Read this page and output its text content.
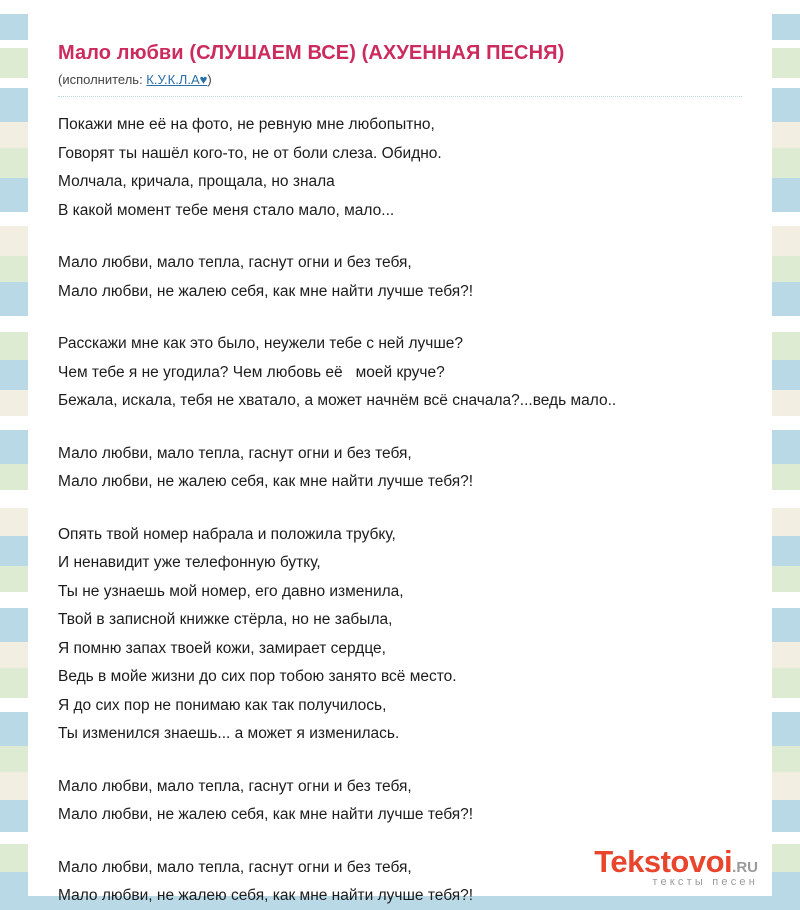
Мало любви (СЛУШАЕМ ВСЕ) (АХУЕННАЯ ПЕСНЯ)
(исполнитель: К.У.К.Л.А♥)

Покажи мне её на фото, не ревную мне любопытно,
Говорят ты нашёл кого-то, не от боли слеза. Обидно.
Молчала, кричала, прощала, но знала
В какой момент тебе меня стало мало, мало...

Мало любви, мало тепла, гаснут огни и без тебя,
Мало любви, не жалею себя, как мне найти лучше тебя?!

Расскажи мне как это было, неужели тебе с ней лучше?
Чем тебе я не угодила? Чем любовь её   моей круче?
Бежала, искала, тебя не хватало, а может начнём всё сначала?...ведь мало..

Мало любви, мало тепла, гаснут огни и без тебя,
Мало любви, не жалею себя, как мне найти лучше тебя?!

Опять твой номер набрала и положила трубку,
И ненавидит уже телефонную бутку,
Ты не узнаешь мой номер, его давно изменила,
Твой в записной книжке стёрла, но не забыла,
Я помню запах твоей кожи, замирает сердце,
Ведь в мойе жизни до сих пор тобою занято всё место.
Я до сих пор не понимаю как так получилось,
Ты изменился знаешь... а может я изменилась.

Мало любви, мало тепла, гаснут огни и без тебя,
Мало любви, не жалею себя, как мне найти лучше тебя?!

Мало любви, мало тепла, гаснут огни и без тебя,
Мало любви, не жалею себя, как мне найти лучше тебя?!

Tekstovoi.RU
тексты песен
